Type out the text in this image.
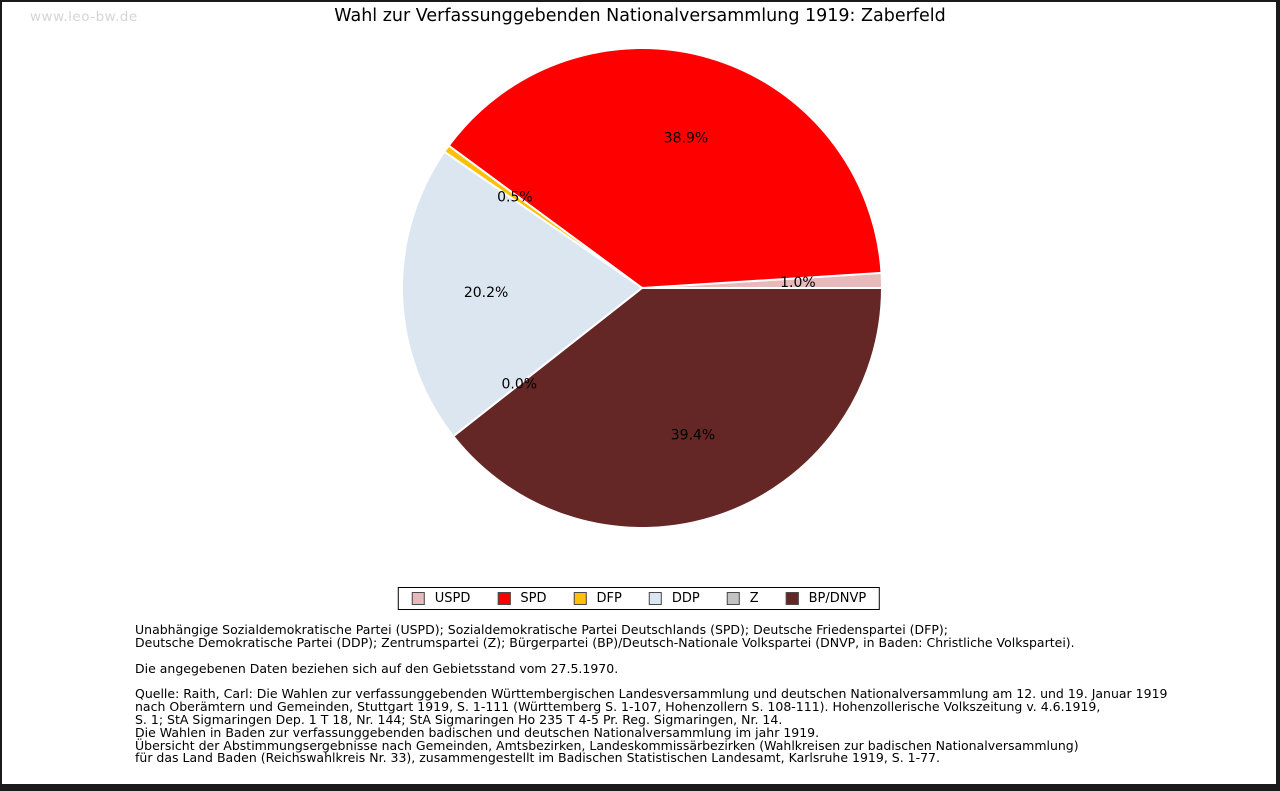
www.leo-bw.de	Wahl zur Verfassunggebenden Nationalversammlung 1919: Zaberfeld
1.0%
38.9%
0.5%
20.2%
0.0%
39.4%
USPD	SPD	DFP	DDP	Z	BP/DNVP
Unabhängige Sozialdemokratische Partei (USPD); Sozialdemokratische Partei Deutschlands (SPD); Deutsche Friedenspartei (DFP);
Deutsche Demokratische Partei (DDP); Zentrumspartei (Z); Bürgerpartei (BP)/Deutsch-Nationale Volkspartei (DNVP, in Baden: Christliche Volkspartei).
Die angegebenen Daten beziehen sich auf den Gebietsstand vom 27.5.1970.
Quelle: Raith, Carl: Die Wahlen zur verfassunggebenden Württembergischen Landesversammlung und deutschen Nationalversammlung am 12. und 19. Januar 1919
nach Oberämtern und Gemeinden, Stuttgart 1919, S. 1-111 (Württemberg S. 1-107, Hohenzollern S. 108-111). Hohenzollerische Volkszeitung v. 4.6.1919,
S. 1; StA Sigmaringen Dep. 1 T 18, Nr. 144; StA Sigmaringen Ho 235 T 4-5 Pr. Reg. Sigmaringen, Nr. 14.
Die Wahlen in Baden zur verfassunggebenden badischen und deutschen Nationalversammlung im jahr 1919.
Übersicht der Abstimmungsergebnisse nach Gemeinden, Amtsbezirken, Landeskommissärbezirken (Wahlkreisen zur badischen Nationalversammlung)
für das Land Baden (Reichswahlkreis Nr. 33), zusammengestellt im Badischen Statistischen Landesamt, Karlsruhe 1919, S. 1-77.
